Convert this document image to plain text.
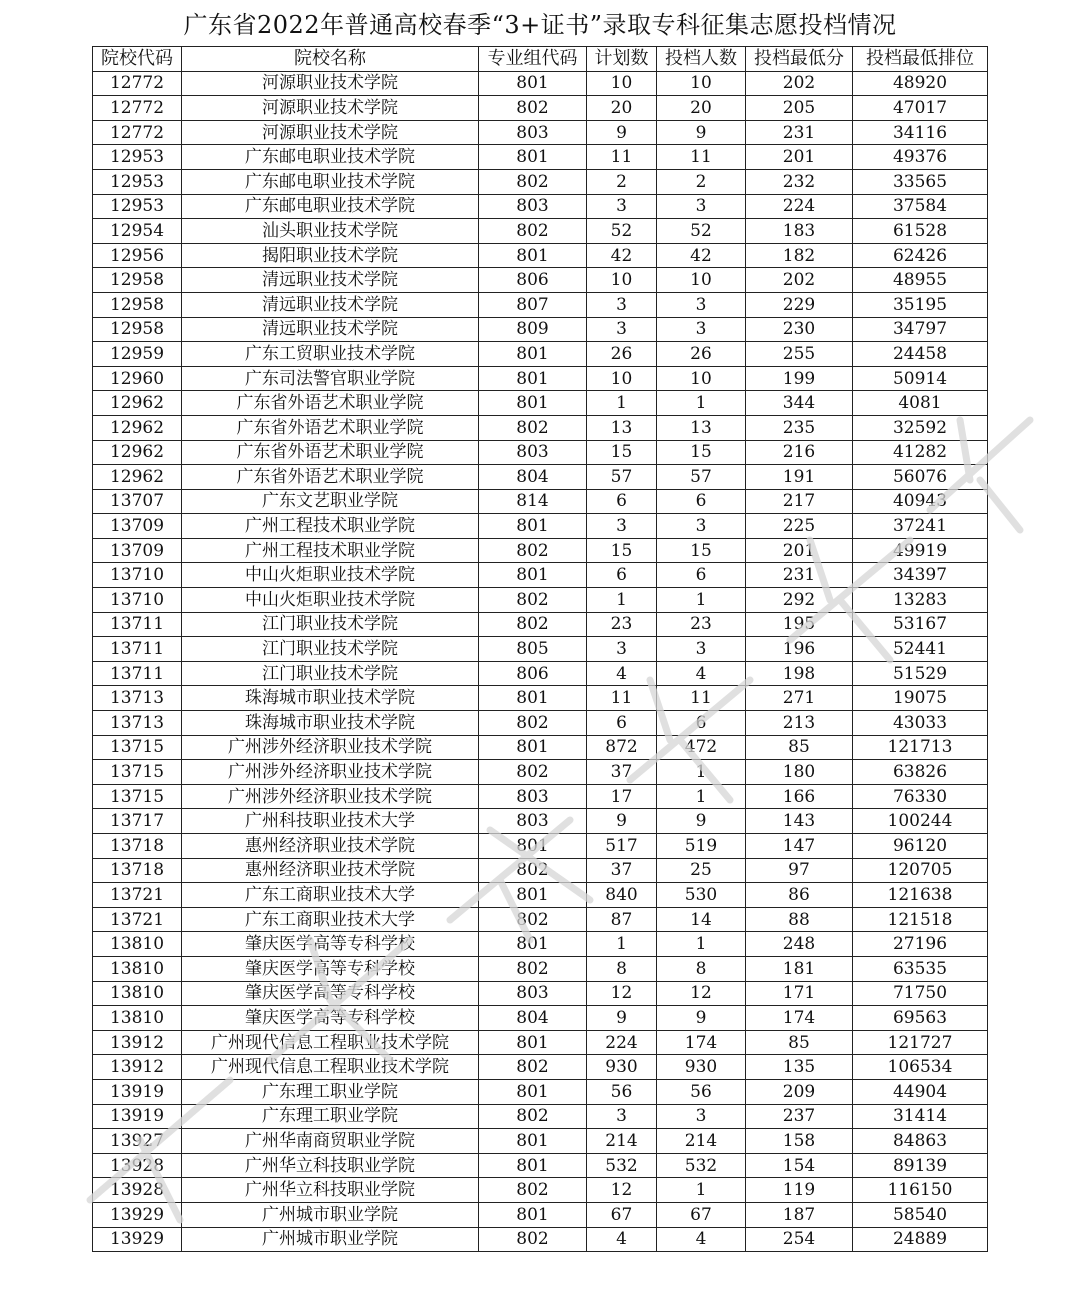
广东省2022年普通高校春季“3+证书”录取专科征集志愿投档情况
院校代码	院校名称	专业组代码	计划数	投档人数	投档最低分	投档最低排位
12772	河源职业技术学院	801	10	10	202	48920
12772	河源职业技术学院	802	20	20	205	47017
12772	河源职业技术学院	803	9	9	231	34116
12953	广东邮电职业技术学院	801	11	11	201	49376
12953	广东邮电职业技术学院	802	2	2	232	33565
12953	广东邮电职业技术学院	803	3	3	224	37584
12954	汕头职业技术学院	802	52	52	183	61528
12956	揭阳职业技术学院	801	42	42	182	62426
12958	清远职业技术学院	806	10	10	202	48955
12958	清远职业技术学院	807	3	3	229	35195
12958	清远职业技术学院	809	3	3	230	34797
12959	广东工贸职业技术学院	801	26	26	255	24458
12960	广东司法警官职业学院	801	10	10	199	50914
12962	广东省外语艺术职业学院	801	1	1	344	4081
12962	广东省外语艺术职业学院	802	13	13	235	32592
12962	广东省外语艺术职业学院	803	15	15	216	41282
12962	广东省外语艺术职业学院	804	57	57	191	56076
13707	广东文艺职业学院	814	6	6	217	40943
13709	广州工程技术职业学院	801	3	3	225	37241
13709	广州工程技术职业学院	802	15	15	201	49919
13710	中山火炬职业技术学院	801	6	6	231	34397
13710	中山火炬职业技术学院	802	1	1	292	13283
13711	江门职业技术学院	802	23	23	195	53167
13711	江门职业技术学院	805	3	3	196	52441
13711	江门职业技术学院	806	4	4	198	51529
13713	珠海城市职业技术学院	801	11	11	271	19075
13713	珠海城市职业技术学院	802	6	6	213	43033
13715	广州涉外经济职业技术学院	801	872	472	85	121713
13715	广州涉外经济职业技术学院	802	37	1	180	63826
13715	广州涉外经济职业技术学院	803	17	1	166	76330
13717	广州科技职业技术大学	803	9	9	143	100244
13718	惠州经济职业技术学院	801	517	519	147	96120
13718	惠州经济职业技术学院	802	37	25	97	120705
13721	广东工商职业技术大学	801	840	530	86	121638
13721	广东工商职业技术大学	802	87	14	88	121518
13810	肇庆医学高等专科学校	801	1	1	248	27196
13810	肇庆医学高等专科学校	802	8	8	181	63535
13810	肇庆医学高等专科学校	803	12	12	171	71750
13810	肇庆医学高等专科学校	804	9	9	174	69563
13912	广州现代信息工程职业技术学院	801	224	174	85	121727
13912	广州现代信息工程职业技术学院	802	930	930	135	106534
13919	广东理工职业学院	801	56	56	209	44904
13919	广东理工职业学院	802	3	3	237	31414
13927	广州华南商贸职业学院	801	214	214	158	84863
13928	广州华立科技职业学院	801	532	532	154	89139
13928	广州华立科技职业学院	802	12	1	119	116150
13929	广州城市职业学院	801	67	67	187	58540
13929	广州城市职业学院	802	4	4	254	24889
